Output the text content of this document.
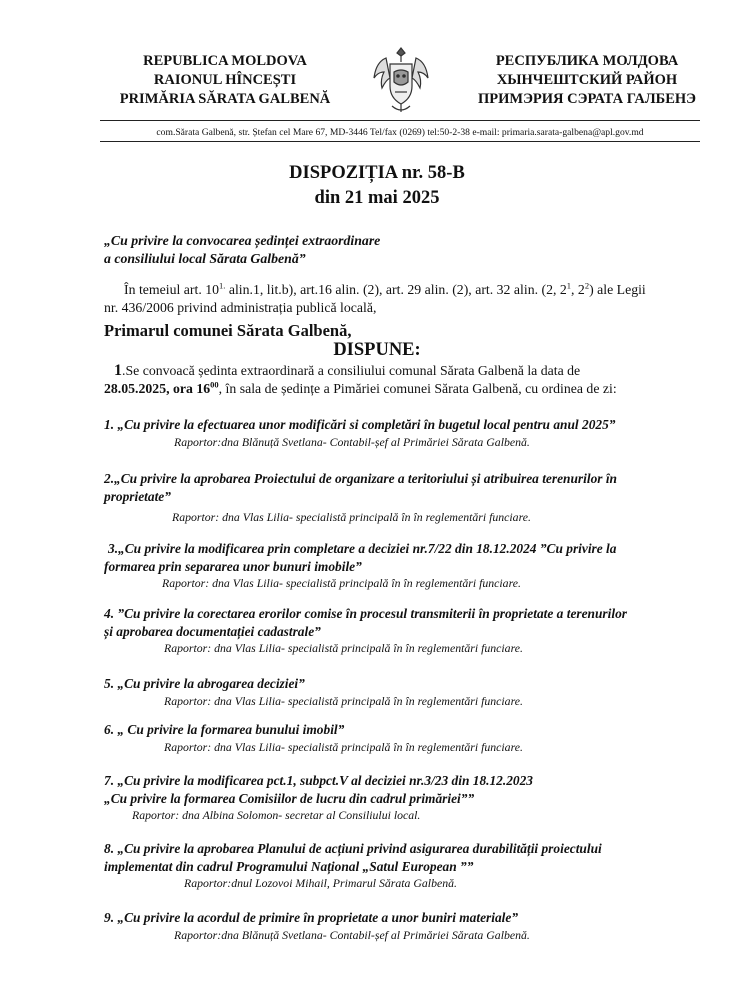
REPUBLICA MOLDOVA
RAIONUL HÎNCEȘTI
PRIMĂRIA SĂRATA GALBENĂ
РЕСПУБЛИКА МОЛДОВА
ХЫНЧЕШТСКИЙ РАЙОН
ПРИМЭРИЯ СЭРАТА ГАЛБЕНЭ
com.Sărata Galbenă, str. Ștefan cel Mare 67, MD-3446 Tel/fax (0269) tel:50-2-38 e-mail: primaria.sarata-galbena@apl.gov.md
DISPOZIȚIA nr. 58-B
din 21 mai 2025
„Cu privire la convocarea ședinței extraordinare
a consiliului local Sărata Galbenă”
În temeiul art. $10^{1.}$ alin.1, lit.b), art.16 alin. (2), art. 29 alin. (2), art. 32 alin. (2, $2^1$, $2^2$) ale Legii
nr. 436/2006 privind administrația publică locală,
Primarul comunei Sărata Galbenă,
DISPUNE:
1.Se convoacă ședinta extraordinară a consiliului comunal Sărata Galbenă la data de
28.05.2025, ora $16^{00}$, în sala de ședințe a Pimăriei comunei Sărata Galbenă, cu ordinea de zi:
1. „Cu privire la efectuarea unor modificări si completări în bugetul local pentru anul 2025”
Raportor:dna Blănuță Svetlana- Contabil-șef al Primăriei Sărata Galbenă.
2.„Cu privire la aprobarea Proiectului de organizare a teritoriului și atribuirea terenurilor în
proprietate”
Raportor: dna Vlas Lilia- specialistă principală în în reglementări funciare.
3.„Cu privire la modificarea prin completare a deciziei nr.7/22 din 18.12.2024 ”Cu privire la
formarea prin separarea unor bunuri imobile”
Raportor: dna Vlas Lilia- specialistă principală în în reglementări funciare.
4. ”Cu privire la corectarea erorilor comise în procesul transmiterii în proprietate a terenurilor
și aprobarea documentației cadastrale”
Raportor: dna Vlas Lilia- specialistă principală în în reglementări funciare.
5. „Cu privire la abrogarea deciziei”
Raportor: dna Vlas Lilia- specialistă principală în în reglementări funciare.
6. „ Cu privire la formarea bunului imobil”
Raportor: dna Vlas Lilia- specialistă principală în în reglementări funciare.
7. „Cu privire la modificarea pct.1, subpct.V al deciziei nr.3/23 din 18.12.2023
„Cu privire la formarea Comisiilor de lucru din cadrul primăriei””
Raportor: dna Albina Solomon- secretar al Consiliului local.
8. „Cu privire la aprobarea Planului de acțiuni privind asigurarea durabilității proiectului
implementat din cadrul Programului Național „Satul European ””
Raportor:dnul Lozovoi Mihail, Primarul Sărata Galbenă.
9. „Cu privire la acordul de primire în proprietate a unor buniri materiale”
Raportor:dna Blănuță Svetlana- Contabil-șef al Primăriei Sărata Galbenă.
